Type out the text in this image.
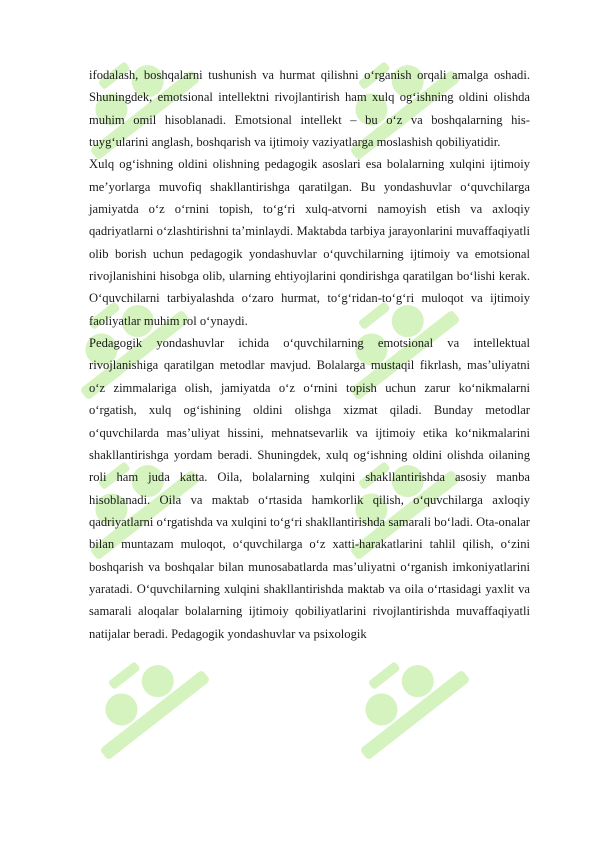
ifodalash, boshqalarni tushunish va hurmat qilishni o‘rganish orqali amalga oshadi. Shuningdek, emotsional intellektni rivojlantirish ham xulq og‘ishning oldini olishda muhim omil hisoblanadi. Emotsional intellekt – bu o‘z va boshqalarning his-tuyg‘ularini anglash, boshqarish va ijtimoiy vaziyatlarga moslashish qobiliyatidir.

Xulq og‘ishning oldini olishning pedagogik asoslari esa bolalarning xulqini ijtimoiy me’yorlarga muvofiq shakllantirishga qaratilgan. Bu yondashuvlar o‘quvchilarga jamiyatda o‘z o‘rnini topish, to‘g‘ri xulq-atvorni namoyish etish va axloqiy qadriyatlarni o‘zlashtirishni ta’minlaydi. Maktabda tarbiya jarayonlarini muvaffaqiyatli olib borish uchun pedagogik yondashuvlar o‘quvchilarning ijtimoiy va emotsional rivojlanishini hisobga olib, ularning ehtiyojlarini qondirishga qaratilgan bo‘lishi kerak. O‘quvchilarni tarbiyalashda o‘zaro hurmat, to‘g‘ridan-to‘g‘ri muloqot va ijtimoiy faoliyatlar muhim rol o‘ynaydi.

Pedagogik yondashuvlar ichida o‘quvchilarning emotsional va intellektual rivojlanishiga qaratilgan metodlar mavjud. Bolalarga mustaqil fikrlash, mas’uliyatni o‘z zimmalariga olish, jamiyatda o‘z o‘rnini topish uchun zarur ko‘nikmalarni o‘rgatish, xulq og‘ishining oldini olishga xizmat qiladi. Bunday metodlar o‘quvchilarda mas’uliyat hissini, mehnatsevarlik va ijtimoiy etika ko‘nikmalarini shakllantirishga yordam beradi. Shuningdek, xulq og‘ishning oldini olishda oilaning roli ham juda katta. Oila, bolalarning xulqini shakllantirishda asosiy manba hisoblanadi. Oila va maktab o‘rtasida hamkorlik qilish, o‘quvchilarga axloqiy qadriyatlarni o‘rgatishda va xulqini to‘g‘ri shakllantirishda samarali bo‘ladi. Ota-onalar bilan muntazam muloqot, o‘quvchilarga o‘z xatti-harakatlarini tahlil qilish, o‘zini boshqarish va boshqalar bilan munosabatlarda mas’uliyatni o‘rganish imkoniyatlarini yaratadi. O‘quvchilarning xulqini shakllantirishda maktab va oila o‘rtasidagi yaxlit va samarali aloqalar bolalarning ijtimoiy qobiliyatlarini rivojlantirishda muvaffaqiyatli natijalar beradi. Pedagogik yondashuvlar va psixologik
